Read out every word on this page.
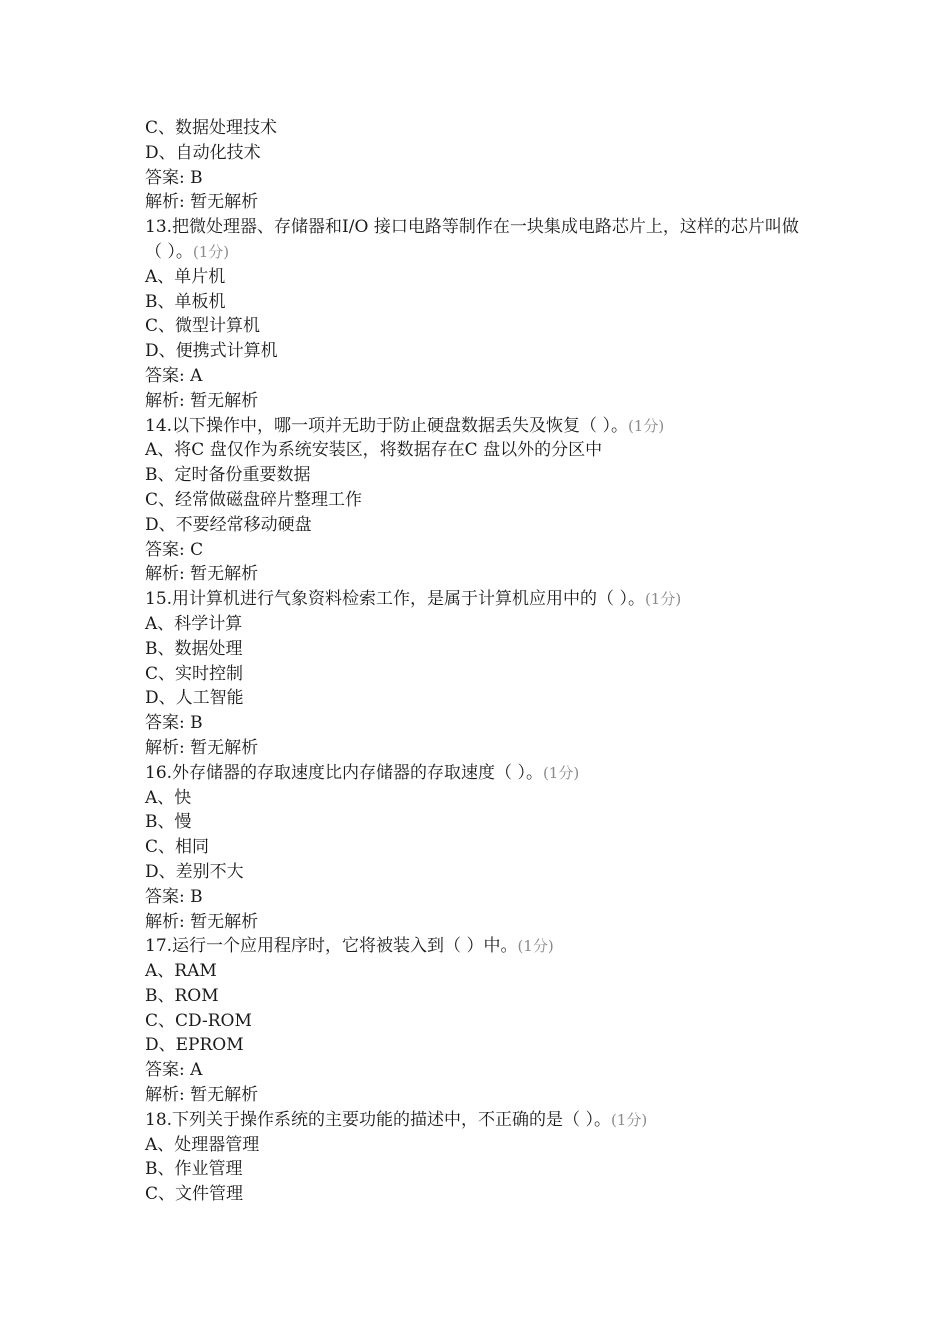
C、数据处理技术
D、自动化技术
答案: B
解析: 暂无解析
13.把微处理器、存储器和I/O 接口电路等制作在一块集成电路芯片上，这样的芯片叫做（ ）。(1分)
A、单片机
B、单板机
C、微型计算机
D、便携式计算机
答案: A
解析: 暂无解析
14.以下操作中，哪一项并无助于防止硬盘数据丢失及恢复（ ）。(1分)
A、将C 盘仅作为系统安装区，将数据存在C 盘以外的分区中
B、定时备份重要数据
C、经常做磁盘碎片整理工作
D、不要经常移动硬盘
答案: C
解析: 暂无解析
15.用计算机进行气象资料检索工作，是属于计算机应用中的（ ）。(1分)
A、科学计算
B、数据处理
C、实时控制
D、人工智能
答案: B
解析: 暂无解析
16.外存储器的存取速度比内存储器的存取速度（ ）。(1分)
A、快
B、慢
C、相同
D、差别不大
答案: B
解析: 暂无解析
17.运行一个应用程序时，它将被装入到（ ）中。(1分)
A、RAM
B、ROM
C、CD-ROM
D、EPROM
答案: A
解析: 暂无解析
18.下列关于操作系统的主要功能的描述中，不正确的是（ ）。(1分)
A、处理器管理
B、作业管理
C、文件管理
